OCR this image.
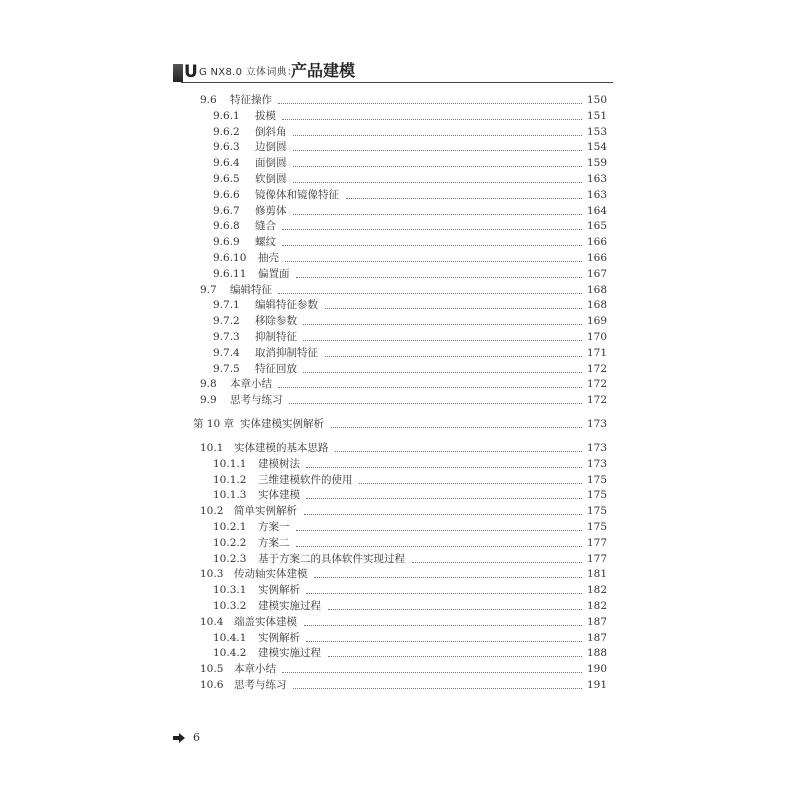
U G NX8.0 立体词典：
产品建模
9.6 特征操作	150
9.6.1 拔模	151
9.6.2 倒斜角	153
9.6.3 边倒圆	154
9.6.4 面倒圆	159
9.6.5 软倒圆	163
9.6.6 镜像体和镜像特征	163
9.6.7 修剪体	164
9.6.8 缝合	165
9.6.9 螺纹	166
9.6.10 抽壳	166
9.6.11 偏置面	167
9.7 编辑特征	168
9.7.1 编辑特征参数	168
9.7.2 移除参数	169
9.7.3 抑制特征	170
9.7.4 取消抑制特征	171
9.7.5 特征回放	172
9.8 本章小结	172
9.9 思考与练习	172
第 10 章 实体建模实例解析	173
10.1 实体建模的基本思路	173
10.1.1 建模树法	173
10.1.2 三维建模软件的使用	175
10.1.3 实体建模	175
10.2 简单实例解析	175
10.2.1 方案一	175
10.2.2 方案二	177
10.2.3 基于方案二的具体软件实现过程	177
10.3 传动轴实体建模	181
10.3.1 实例解析	182
10.3.2 建模实施过程	182
10.4 端盖实体建模	187
10.4.1 实例解析	187
10.4.2 建模实施过程	188
10.5 本章小结	190
10.6 思考与练习	191
6
